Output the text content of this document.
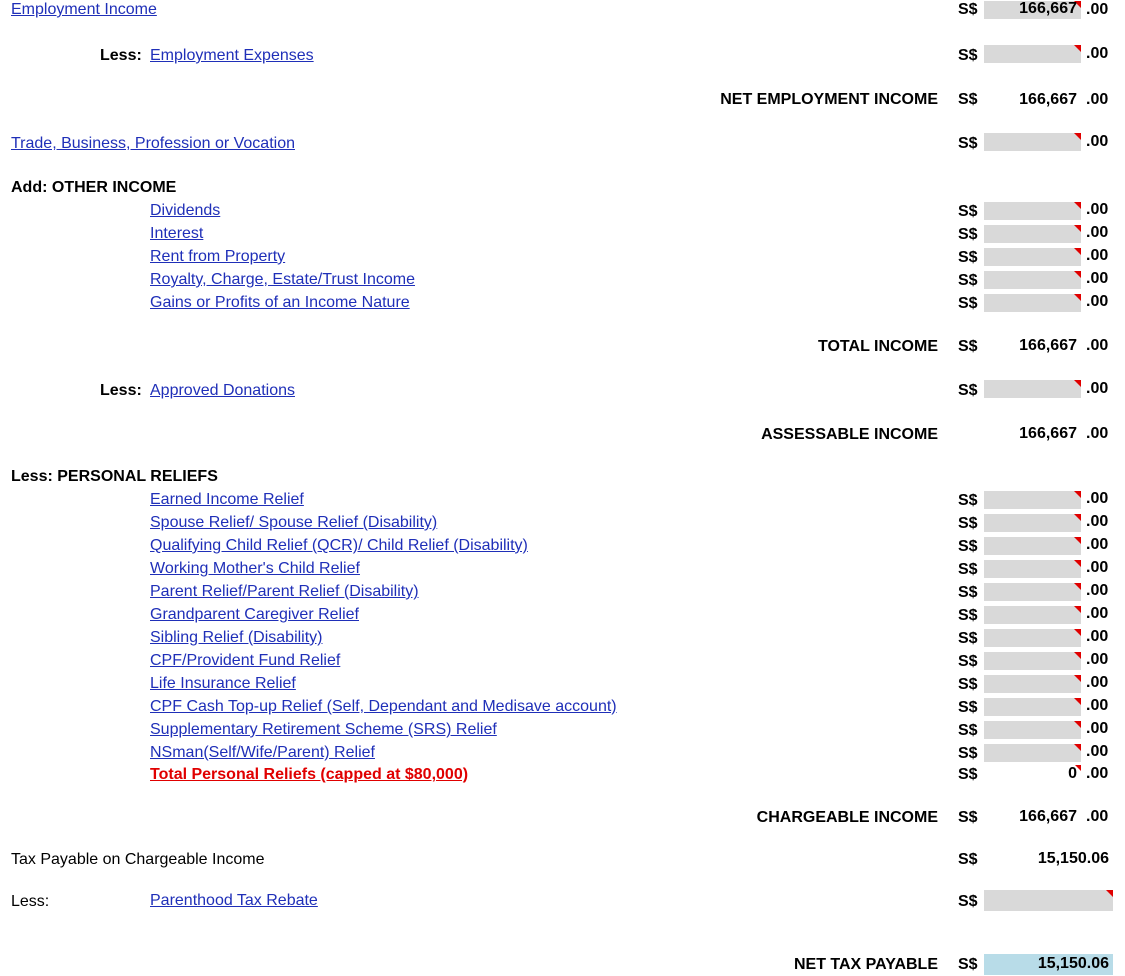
Employment Income	S$	166,667 .00
Less: Employment Expenses	S$	.00
NET EMPLOYMENT INCOME S$	166,667 .00
Trade, Business, Profession or Vocation	S$	.00
Add: OTHER INCOME
Dividends	S$	.00
Interest	S$	.00
Rent from Property	S$	.00
Royalty, Charge, Estate/Trust Income	S$	.00
Gains or Profits of an Income Nature	S$	.00
TOTAL INCOME S$	166,667 .00
Less: Approved Donations	S$	.00
ASSESSABLE INCOME	166,667 .00
Less: PERSONAL RELIEFS
Earned Income Relief	S$	.00
Spouse Relief/ Spouse Relief (Disability)	S$	.00
Qualifying Child Relief (QCR)/ Child Relief (Disability)	S$	.00
Working Mother's Child Relief	S$	.00
Parent Relief/Parent Relief (Disability)	S$	.00
Grandparent Caregiver Relief	S$	.00
Sibling Relief (Disability)	S$	.00
CPF/Provident Fund Relief	S$	.00
Life Insurance Relief	S$	.00
CPF Cash Top-up Relief (Self, Dependant and Medisave account)	S$	.00
Supplementary Retirement Scheme (SRS) Relief	S$	.00
NSman(Self/Wife/Parent) Relief	S$	.00
Total Personal Reliefs (capped at $80,000)	S$	0 .00
CHARGEABLE INCOME S$	166,667 .00
Tax Payable on Chargeable Income	S$	15,150.06
Less:	Parenthood Tax Rebate	S$
NET TAX PAYABLE S$	15,150.06
